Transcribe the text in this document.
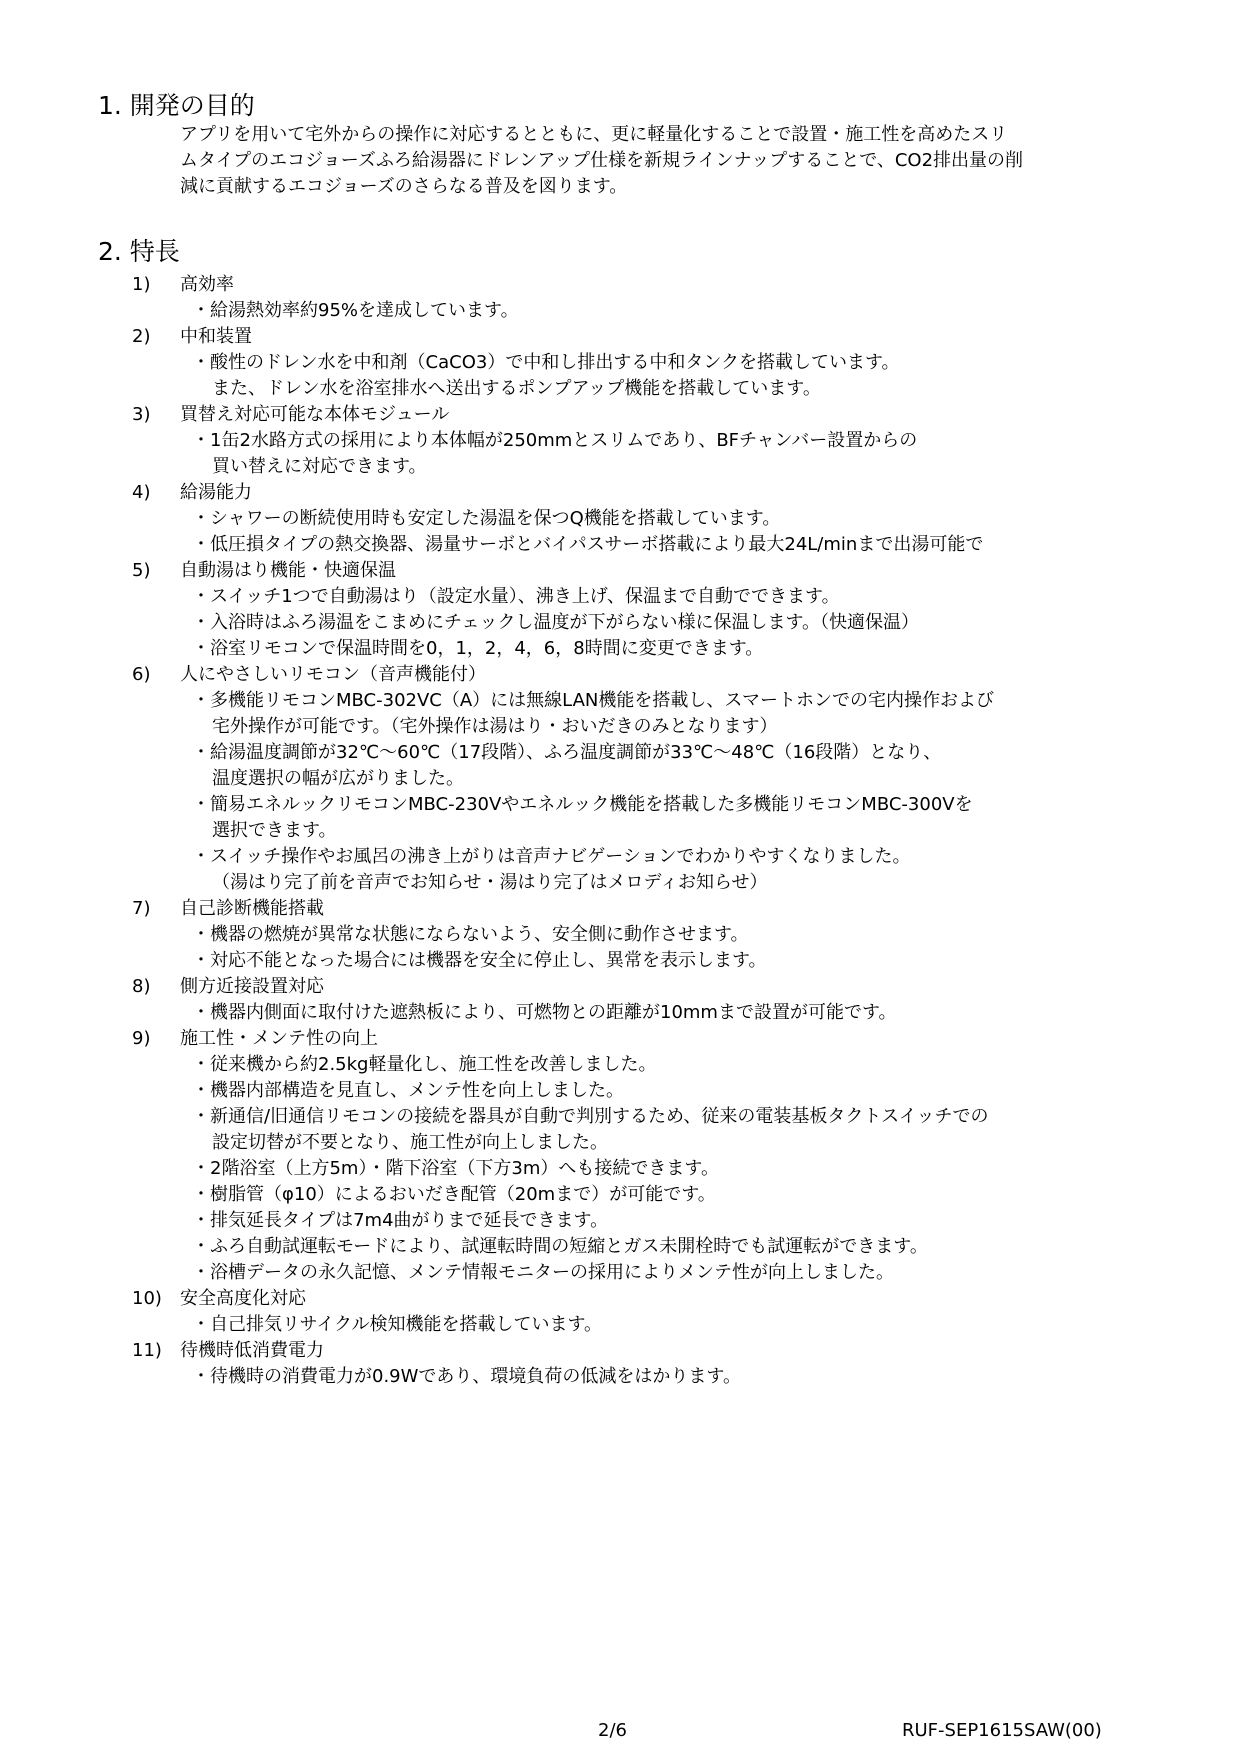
1. 開発の目的
アプリを用いて宅外からの操作に対応するとともに、更に軽量化することで設置・施工性を高めたスリ
ムタイプのエコジョーズふろ給湯器にドレンアップ仕様を新規ラインナップすることで、CO2排出量の削
減に貢献するエコジョーズのさらなる普及を図ります。
2. 特長
1) 高効率
・給湯熱効率約95%を達成しています。
2) 中和装置
・酸性のドレン水を中和剤（CaCO3）で中和し排出する中和タンクを搭載しています。
また、ドレン水を浴室排水へ送出するポンプアップ機能を搭載しています。
3) 買替え対応可能な本体モジュール
・1缶2水路方式の採用により本体幅が250mmとスリムであり、BFチャンバー設置からの
買い替えに対応できます。
4) 給湯能力
・シャワーの断続使用時も安定した湯温を保つQ機能を搭載しています。
・低圧損タイプの熱交換器、湯量サーボとバイパスサーボ搭載により最大24L/minまで出湯可能で
5) 自動湯はり機能・快適保温
・スイッチ1つで自動湯はり（設定水量）、沸き上げ、保温まで自動でできます。
・入浴時はふろ湯温をこまめにチェックし温度が下がらない様に保温します。（快適保温）
・浴室リモコンで保温時間を0，1，2，4，6，8時間に変更できます。
6) 人にやさしいリモコン（音声機能付）
・多機能リモコンMBC-302VC（A）には無線LAN機能を搭載し、スマートホンでの宅内操作および
宅外操作が可能です。（宅外操作は湯はり・おいだきのみとなります）
・給湯温度調節が32℃～60℃（17段階）、ふろ温度調節が33℃～48℃（16段階）となり、
温度選択の幅が広がりました。
・簡易エネルックリモコンMBC-230Vやエネルック機能を搭載した多機能リモコンMBC-300Vを
選択できます。
・スイッチ操作やお風呂の沸き上がりは音声ナビゲーションでわかりやすくなりました。
（湯はり完了前を音声でお知らせ・湯はり完了はメロディお知らせ）
7) 自己診断機能搭載
・機器の燃焼が異常な状態にならないよう、安全側に動作させます。
・対応不能となった場合には機器を安全に停止し、異常を表示します。
8) 側方近接設置対応
・機器内側面に取付けた遮熱板により、可燃物との距離が10mmまで設置が可能です。
9) 施工性・メンテ性の向上
・従来機から約2.5kg軽量化し、施工性を改善しました。
・機器内部構造を見直し、メンテ性を向上しました。
・新通信/旧通信リモコンの接続を器具が自動で判別するため、従来の電装基板タクトスイッチでの
設定切替が不要となり、施工性が向上しました。
・2階浴室（上方5m）・階下浴室（下方3m）へも接続できます。
・樹脂管（φ10）によるおいだき配管（20mまで）が可能です。
・排気延長タイプは7m4曲がりまで延長できます。
・ふろ自動試運転モードにより、試運転時間の短縮とガス未開栓時でも試運転ができます。
・浴槽データの永久記憶、メンテ情報モニターの採用によりメンテ性が向上しました。
10) 安全高度化対応
・自己排気リサイクル検知機能を搭載しています。
11) 待機時低消費電力
・待機時の消費電力が0.9Wであり、環境負荷の低減をはかります。
2/6	RUF-SEP1615SAW(00)
